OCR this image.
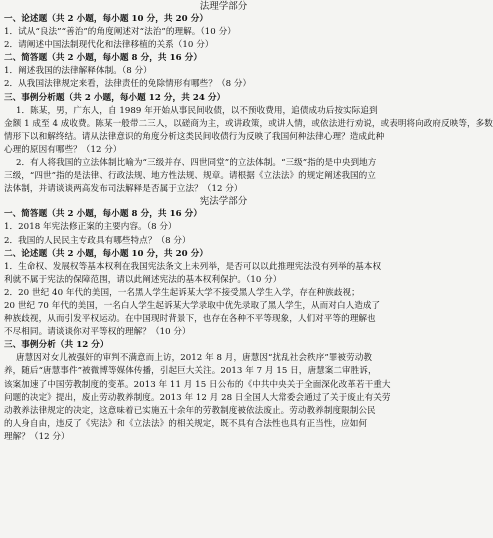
法理学部分
一、论述题（共 2 小题，每小题 10 分，共 20 分）
1．试从“良法”“善治”的角度阐述对“法治”的理解。（10 分）
2．请阐述中国法制现代化和法律移植的关系（10 分）
二、简答题（共 2 小题，每小题 8 分，共 16 分）
1．阐述我国的法律解释体制。（8 分）
2．从我国法律规定来看，法律责任的免除情形有哪些？（8 分）
三、事例分析题（共 2 小题，每小题 12 分，共 24 分）
1．陈某，男，广东人，自 1989 年开始从事民间收债，以不预收费用，追债成功后按实际追到
金额 1 成至 4 成收费。陈某一般带二三人，以磋商为主，或讲政策，或讲人情，或依法进行劝说，或表明将向政府反映等，多数
情形下以和解终结。请从法律意识的角度分析这类民间收债行为反映了我国何种法律心理？造成此种
心理的原因有哪些？（12 分）
2．有人将我国的立法体制比喻为“三级并存、四世同堂”的立法体制。“三级”指的是中央到地方
三级，“四世”指的是法律、行政法规、地方性法规、规章。请根据《立法法》的规定阐述我国的立
法体制，并请谈谈两高发布司法解释是否属于立法？（12 分）
宪法学部分
一、简答题（共 2 小题，每小题 8 分，共 16 分）
1．2018 年宪法修正案的主要内容。（8 分）
2．我国的人民民主专政具有哪些特点？（8 分）
二、论述题（共 2 小题，每小题 10 分，共 20 分）
1．生命权、发展权等基本权利在我国宪法条文上未列举，是否可以以此推理宪法没有列举的基本权
利就不属于宪法的保障范围，请以此阐述宪法的基本权利保护。（10 分）
2．20 世纪 40 年代的美国，一名黑人学生起诉某大学不接受黑人学生入学，存在种族歧视；
20 世纪 70 年代的美国，一名白人学生起诉某大学录取中优先录取了黑人学生，从而对白人造成了
种族歧视，从而引发平权运动。在中国现时背景下，也存在各种不平等现象，人们对平等的理解也
不尽相同。请谈谈你对平等权的理解？（10 分）
三、事例分析（共 12 分）
唐慧因对女儿被强奸的审判不满意而上访，2012 年 8 月，唐慧因“扰乱社会秩序”罪被劳动教
养，随后“唐慧事件”被微博等媒体传播，引起巨大关注。2013 年 7 月 15 日，唐慧案二审胜诉，
该案加速了中国劳教制度的变革。2013 年 11 月 15 日公布的《中共中央关于全面深化改革若干重大
问题的决定》提出，废止劳动教养制度。2013 年 12 月 28 日全国人大常委会通过了关于废止有关劳
动教养法律规定的决定，这意味着已实施五十余年的劳教制度被依法废止。劳动教养制度限制公民
的人身自由，违反了《宪法》和《立法法》的相关规定，既不具有合法性也具有正当性，应如何
理解？（12 分）
